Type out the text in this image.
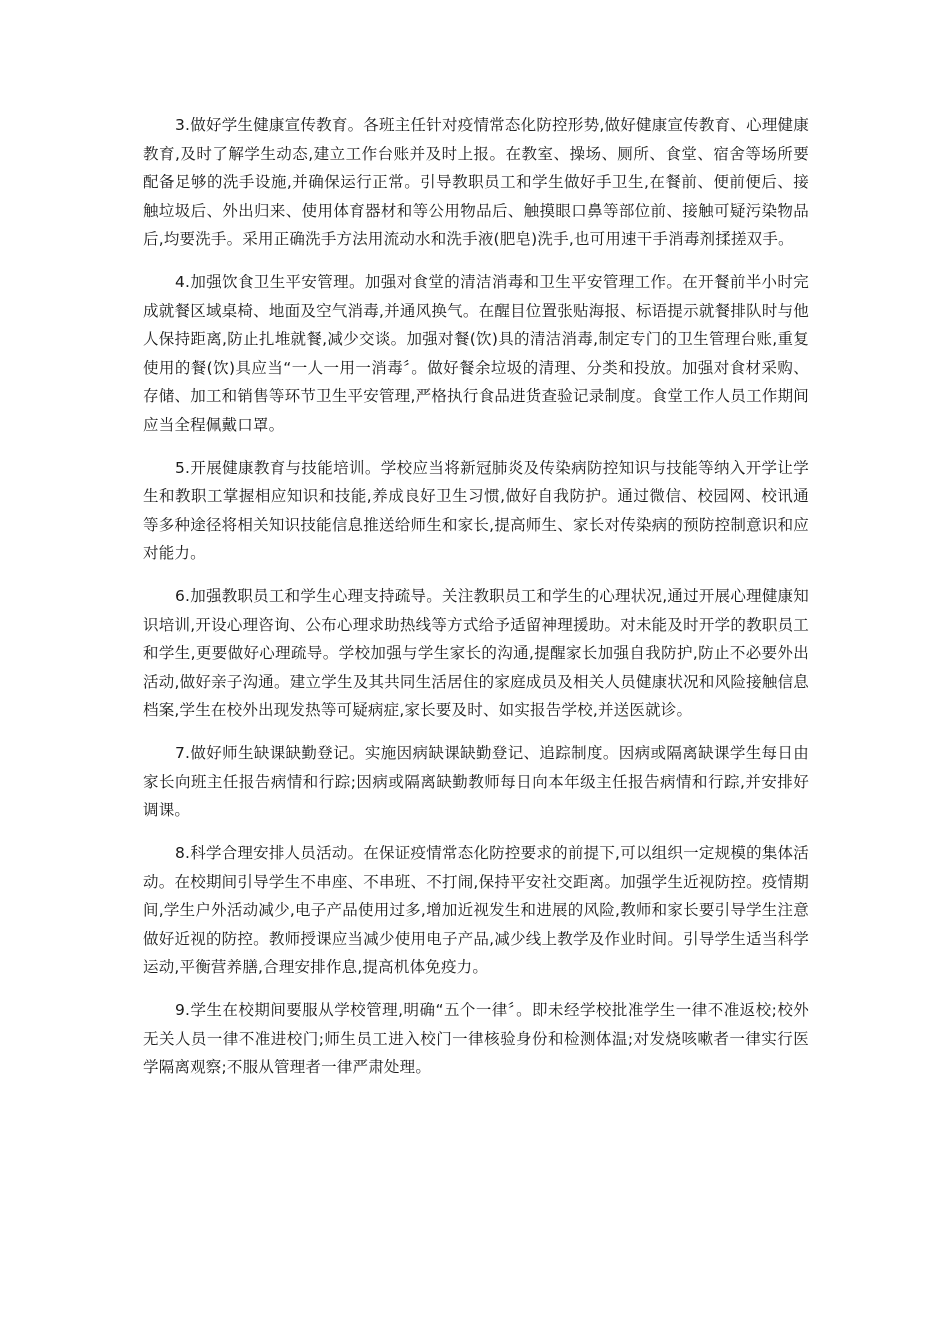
3.做好学生健康宣传教育。各班主任针对疫情常态化防控形势,做好健康宣传教育、心理健康教育,及时了解学生动态,建立工作台账并及时上报。在教室、操场、厕所、食堂、宿舍等场所要配备足够的洗手设施,并确保运行正常。引导教职员工和学生做好手卫生,在餐前、便前便后、接触垃圾后、外出归来、使用体育器材和等公用物品后、触摸眼口鼻等部位前、接触可疑污染物品后,均要洗手。采用正确洗手方法用流动水和洗手液(肥皂)洗手,也可用速干手消毒剂揉搓双手。

4.加强饮食卫生平安管理。加强对食堂的清洁消毒和卫生平安管理工作。在开餐前半小时完成就餐区域桌椅、地面及空气消毒,并通风换气。在醒目位置张贴海报、标语提示就餐排队时与他人保持距离,防止扎堆就餐,减少交谈。加强对餐(饮)具的清洁消毒,制定专门的卫生管理台账,重复使用的餐(饮)具应当“一人一用一消毒〞。做好餐余垃圾的清理、分类和投放。加强对食材采购、存储、加工和销售等环节卫生平安管理,严格执行食品进货查验记录制度。食堂工作人员工作期间应当全程佩戴口罩。

5.开展健康教育与技能培训。学校应当将新冠肺炎及传染病防控知识与技能等纳入开学让学生和教职工掌握相应知识和技能,养成良好卫生习惯,做好自我防护。通过微信、校园网、校讯通等多种途径将相关知识技能信息推送给师生和家长,提高师生、家长对传染病的预防控制意识和应对能力。

6.加强教职员工和学生心理支持疏导。关注教职员工和学生的心理状况,通过开展心理健康知识培训,开设心理咨询、公布心理求助热线等方式给予适留神理援助。对未能及时开学的教职员工和学生,更要做好心理疏导。学校加强与学生家长的沟通,提醒家长加强自我防护,防止不必要外出活动,做好亲子沟通。建立学生及其共同生活居住的家庭成员及相关人员健康状况和风险接触信息档案,学生在校外出现发热等可疑病症,家长要及时、如实报告学校,并送医就诊。

7.做好师生缺课缺勤登记。实施因病缺课缺勤登记、追踪制度。因病或隔离缺课学生每日由家长向班主任报告病情和行踪;因病或隔离缺勤教师每日向本年级主任报告病情和行踪,并安排好调课。

8.科学合理安排人员活动。在保证疫情常态化防控要求的前提下,可以组织一定规模的集体活动。在校期间引导学生不串座、不串班、不打闹,保持平安社交距离。加强学生近视防控。疫情期间,学生户外活动减少,电子产品使用过多,增加近视发生和进展的风险,教师和家长要引导学生注意做好近视的防控。教师授课应当减少使用电子产品,减少线上教学及作业时间。引导学生适当科学运动,平衡营养膳,合理安排作息,提高机体免疫力。

9.学生在校期间要服从学校管理,明确“五个一律〞。即未经学校批准学生一律不准返校;校外无关人员一律不准进校门;师生员工进入校门一律核验身份和检测体温;对发烧咳嗽者一律实行医学隔离观察;不服从管理者一律严肃处理。
